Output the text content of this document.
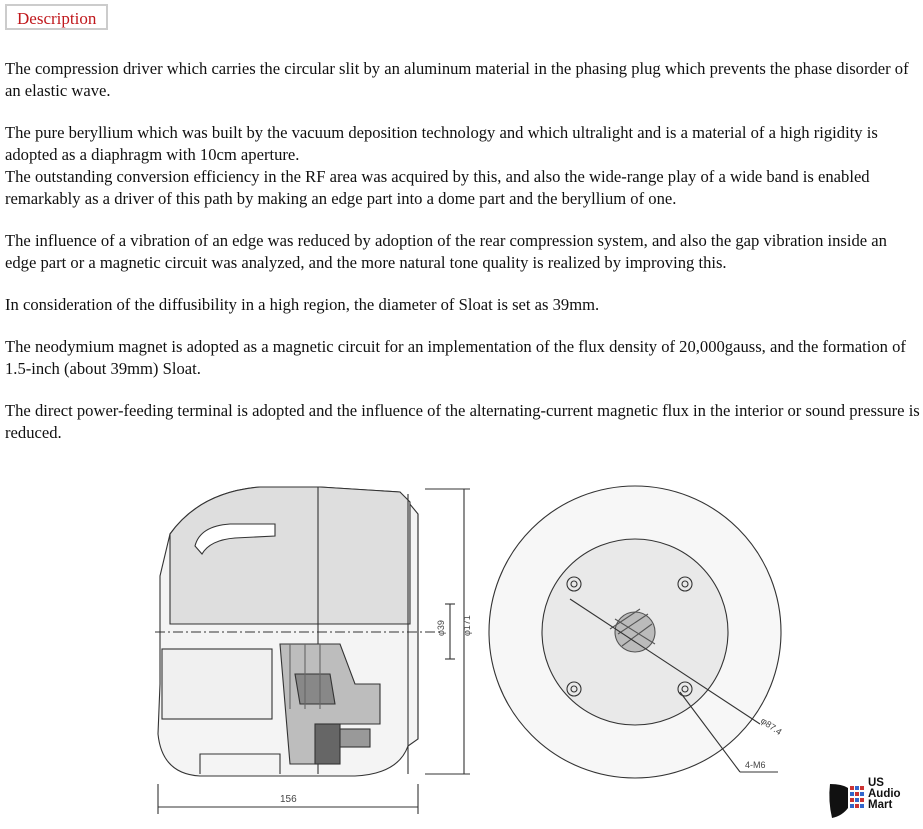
Description

The compression driver which carries the circular slit by an aluminum material in the phasing plug which prevents the phase disorder of an elastic wave.

The pure beryllium which was built by the vacuum deposition technology and which ultralight and is a material of a high rigidity is adopted as a diaphragm with 10cm aperture.

The outstanding conversion efficiency in the RF area was acquired by this, and also the wide-range play of a wide band is enabled remarkably as a driver of this path by making an edge part into a dome part and the beryllium of one.

The influence of a vibration of an edge was reduced by adoption of the rear compression system, and also the gap vibration inside an edge part or a magnetic circuit was analyzed, and the more natural tone quality is realized by improving this.

In consideration of the diffusibility in a high region, the diameter of Sloat is set as 39mm.

The neodymium magnet is adopted as a magnetic circuit for an implementation of the flux density of 20,000gauss, and the formation of 1.5-inch (about 39mm) Sloat.

The direct power-feeding terminal is adopted and the influence of the alternating-current magnetic flux in the interior or sound pressure is reduced.

φ39 φ171
156
φ87.4
4-M6
US
Audio
Mart
